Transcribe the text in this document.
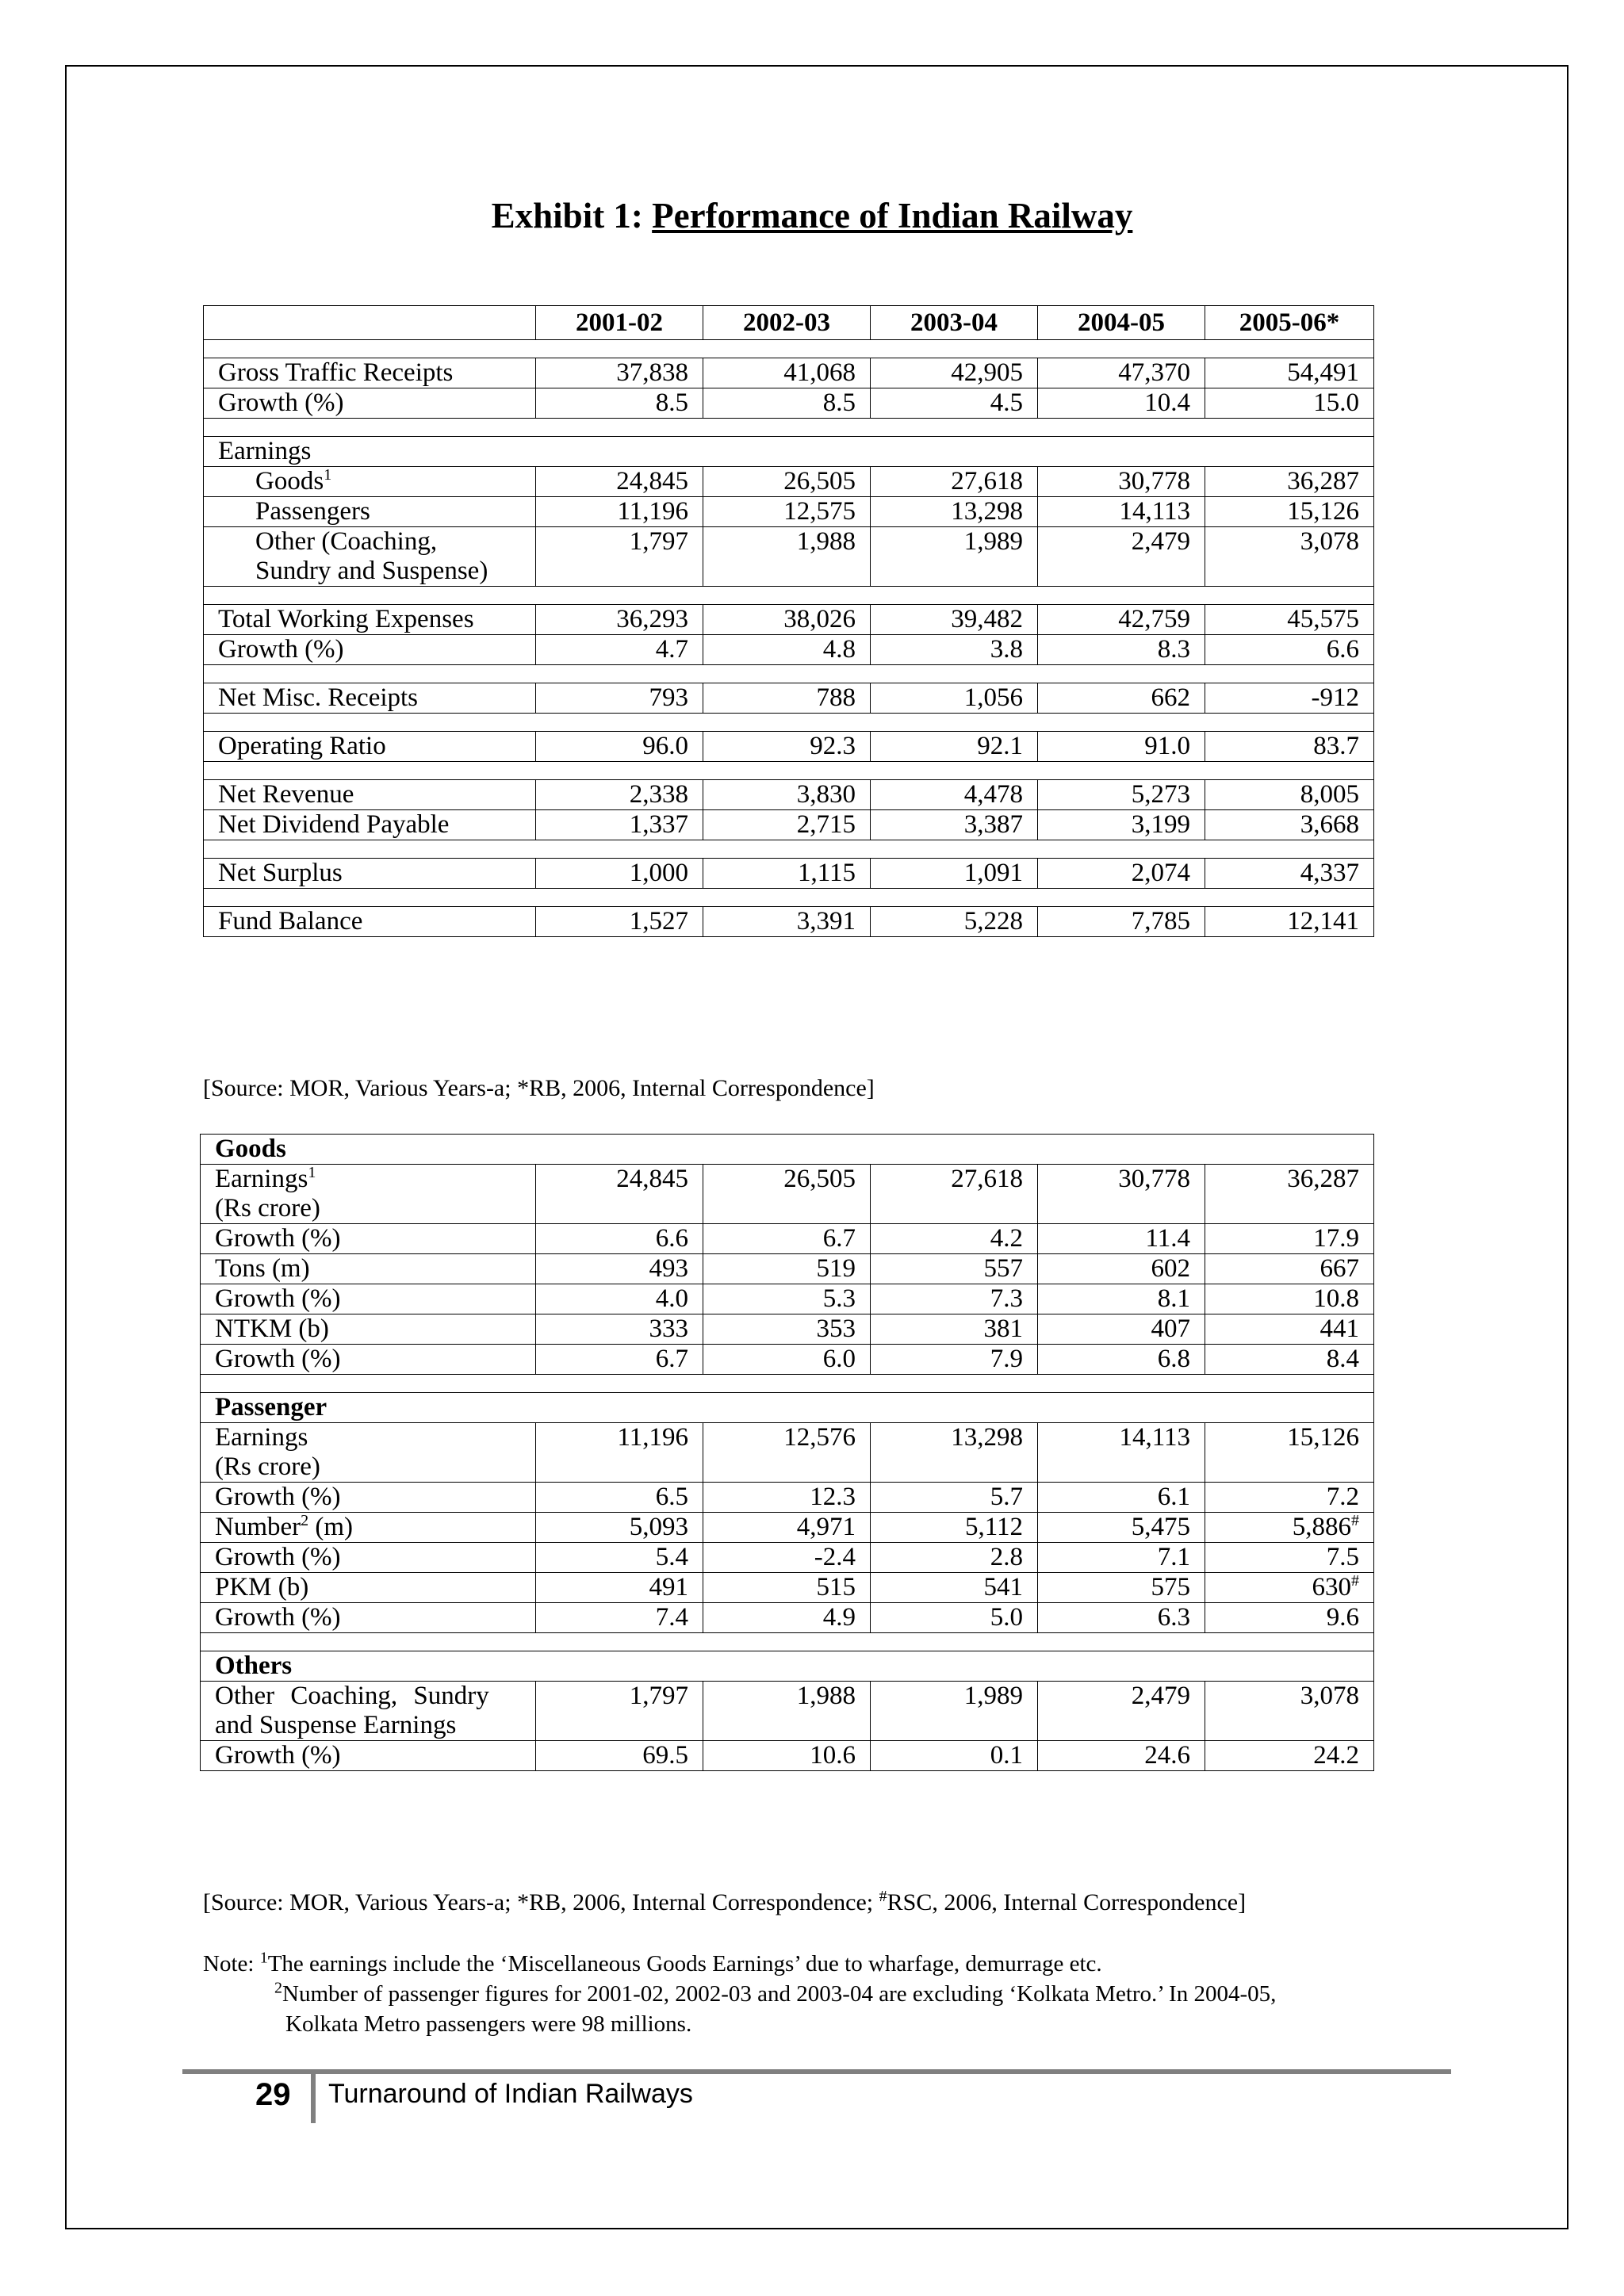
Exhibit 1: Performance of Indian Railway
	2001-02	2002-03	2003-04	2004-05	2005-06*

Gross Traffic Receipts	37,838	41,068	42,905	47,370	54,491
Growth (%)	8.5	8.5	4.5	10.4	15.0

Earnings					
Goods$^1$	24,845	26,505	27,618	30,778	36,287
Passengers	11,196	12,575	13,298	14,113	15,126
Other (Coaching,
Sundry and Suspense)	1,797	1,988	1,989	2,479	3,078

Total Working Expenses	36,293	38,026	39,482	42,759	45,575
Growth (%)	4.7	4.8	3.8	8.3	6.6

Net Misc. Receipts	793	788	1,056	662	-912

Operating Ratio	96.0	92.3	92.1	91.0	83.7

Net Revenue	2,338	3,830	4,478	5,273	8,005
Net Dividend Payable	1,337	2,715	3,387	3,199	3,668

Net Surplus	1,000	1,115	1,091	2,074	4,337

Fund Balance	1,527	3,391	5,228	7,785	12,141
[Source: MOR, Various Years-a; *RB, 2006, Internal Correspondence]
Goods					
Earnings$^1$
(Rs crore)	24,845	26,505	27,618	30,778	36,287
Growth (%)	6.6	6.7	4.2	11.4	17.9
Tons (m)	493	519	557	602	667
Growth (%)	4.0	5.3	7.3	8.1	10.8
NTKM (b)	333	353	381	407	441
Growth (%)	6.7	6.0	7.9	6.8	8.4

Passenger					
Earnings
(Rs crore)	11,196	12,576	13,298	14,113	15,126
Growth (%)	6.5	12.3	5.7	6.1	7.2
Number$^2$ (m)	5,093	4,971	5,112	5,475	5,886#
Growth (%)	5.4	-2.4	2.8	7.1	7.5
PKM (b)	491	515	541	575	630#
Growth (%)	7.4	4.9	5.0	6.3	9.6

Others					
Other Coaching, Sundry
and Suspense Earnings	1,797	1,988	1,989	2,479	3,078
Growth (%)	69.5	10.6	0.1	24.6	24.2
[Source: MOR, Various Years-a; *RB, 2006, Internal Correspondence; #RSC, 2006, Internal Correspondence]
Note: $^1$The earnings include the ‘Miscellaneous Goods Earnings’ due to wharfage, demurrage etc.
$^2$Number of passenger figures for 2001-02, 2002-03 and 2003-04 are excluding ‘Kolkata Metro.’ In 2004-05,
Kolkata Metro passengers were 98 millions.
29 Turnaround of Indian Railways
